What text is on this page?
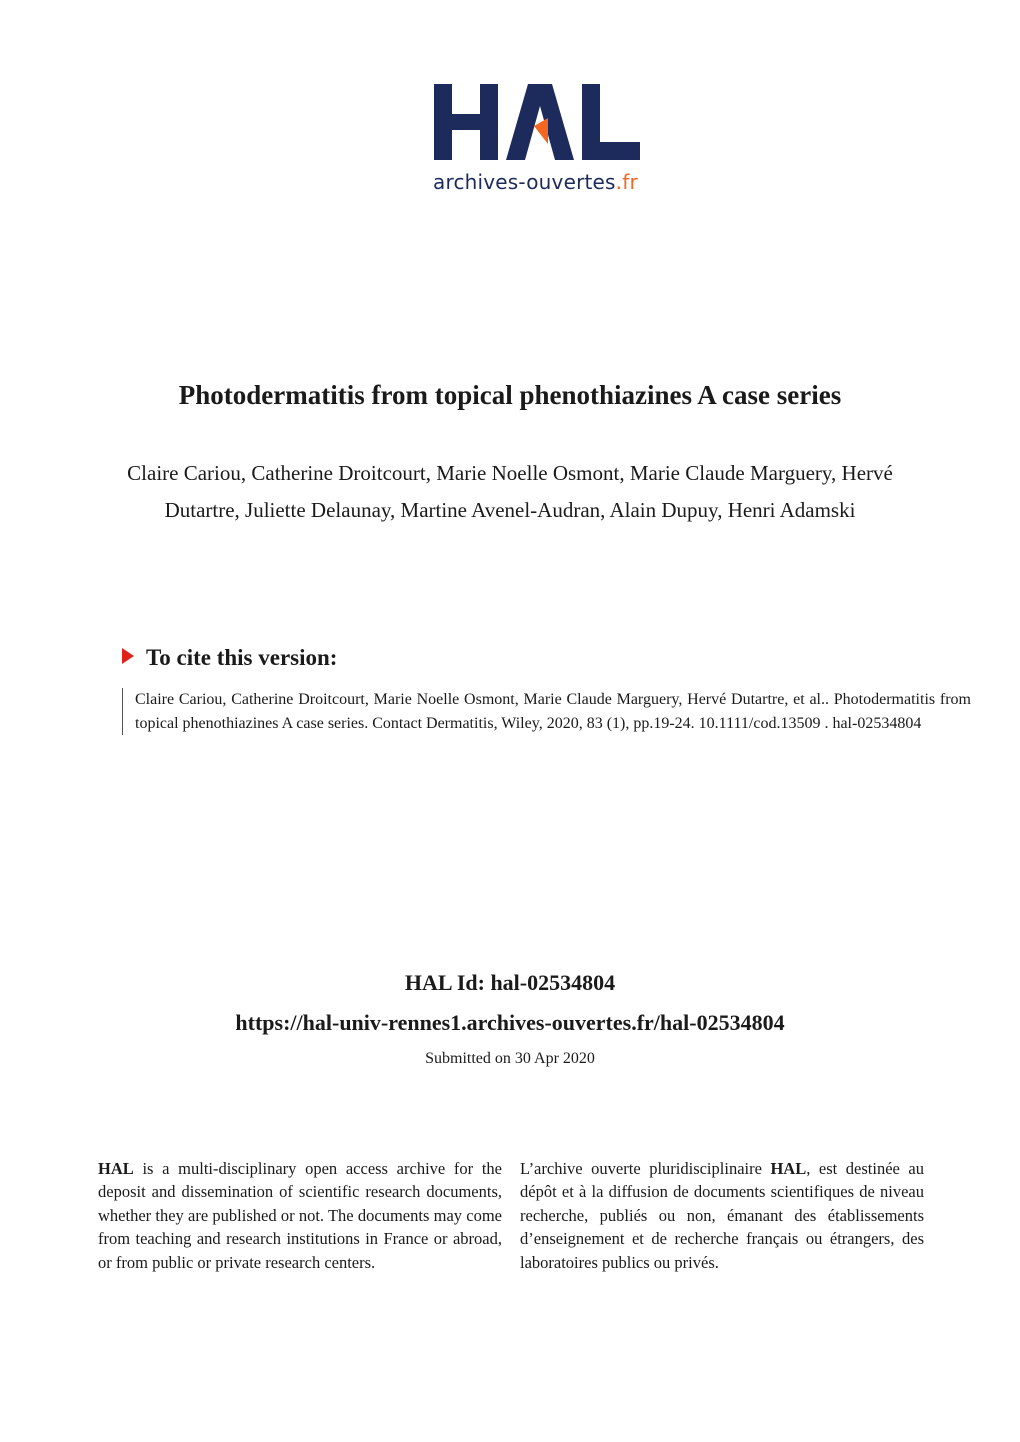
archives-ouvertes.fr
Photodermatitis from topical phenothiazines A case series
Claire Cariou, Catherine Droitcourt, Marie Noelle Osmont, Marie Claude Marguery, Hervé Dutartre, Juliette Delaunay, Martine Avenel-Audran, Alain Dupuy, Henri Adamski
To cite this version:
Claire Cariou, Catherine Droitcourt, Marie Noelle Osmont, Marie Claude Marguery, Hervé Dutartre, et al.. Photodermatitis from topical phenothiazines A case series. Contact Dermatitis, Wiley, 2020, 83 (1), pp.19-24. 10.1111/cod.13509 . hal-02534804
HAL Id: hal-02534804
https://hal-univ-rennes1.archives-ouvertes.fr/hal-02534804
Submitted on 30 Apr 2020
HAL is a multi-disciplinary open access archive for the deposit and dissemination of scientific research documents, whether they are published or not. The documents may come from teaching and research institutions in France or abroad, or from public or private research centers.
L’archive ouverte pluridisciplinaire HAL, est destinée au dépôt et à la diffusion de documents scientifiques de niveau recherche, publiés ou non, émanant des établissements d’enseignement et de recherche français ou étrangers, des laboratoires publics ou privés.
